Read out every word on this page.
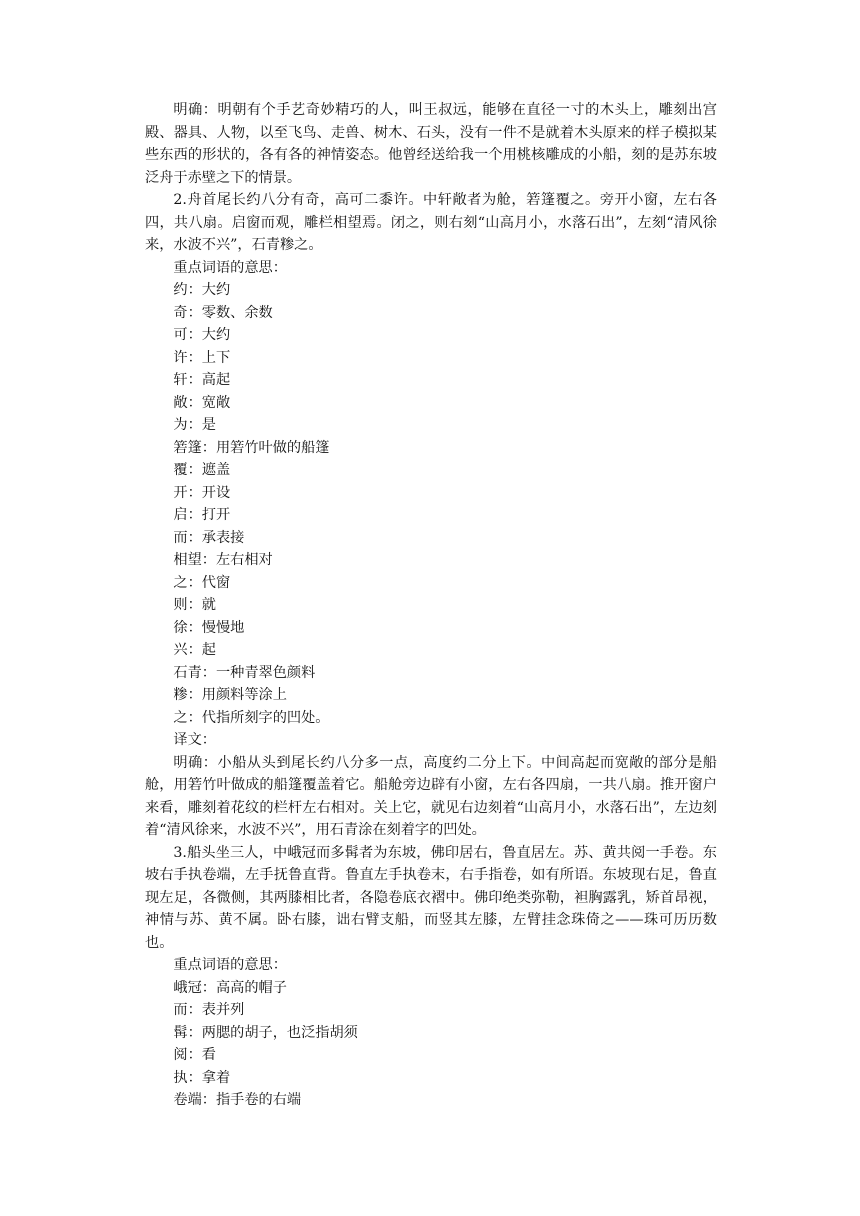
明确：明朝有个手艺奇妙精巧的人，叫王叔远，能够在直径一寸的木头上，雕刻出宫殿、器具、人物，以至飞鸟、走兽、树木、石头，没有一件不是就着木头原来的样子模拟某些东西的形状的，各有各的神情姿态。他曾经送给我一个用桃核雕成的小船，刻的是苏东坡泛舟于赤壁之下的情景。

2.舟首尾长约八分有奇，高可二黍许。中轩敞者为舱，箬篷覆之。旁开小窗，左右各四，共八扇。启窗而观，雕栏相望焉。闭之，则右刻“山高月小，水落石出”，左刻“清风徐来，水波不兴”，石青糁之。

重点词语的意思：

约：大约

奇：零数、余数

可：大约

许：上下

轩：高起

敞：宽敞

为：是

箬篷：用箬竹叶做的船篷

覆：遮盖

开：开设

启：打开

而：承表接

相望：左右相对

之：代窗

则：就

徐：慢慢地

兴：起

石青：一种青翠色颜料

糁：用颜料等涂上

之：代指所刻字的凹处。

译文：

明确：小船从头到尾长约八分多一点，高度约二分上下。中间高起而宽敞的部分是船舱，用箬竹叶做成的船篷覆盖着它。船舱旁边辟有小窗，左右各四扇，一共八扇。推开窗户来看，雕刻着花纹的栏杆左右相对。关上它，就见右边刻着“山高月小，水落石出”，左边刻着“清风徐来，水波不兴”，用石青涂在刻着字的凹处。

3.船头坐三人，中峨冠而多髯者为东坡，佛印居右，鲁直居左。苏、黄共阅一手卷。东坡右手执卷端，左手抚鲁直背。鲁直左手执卷末，右手指卷，如有所语。东坡现右足，鲁直现左足，各微侧，其两膝相比者，各隐卷底衣褶中。佛印绝类弥勒，袒胸露乳，矫首昂视，神情与苏、黄不属。卧右膝，诎右臂支船，而竖其左膝，左臂挂念珠倚之——珠可历历数也。

重点词语的意思：

峨冠：高高的帽子

而：表并列

髯：两腮的胡子，也泛指胡须

阅：看

执：拿着

卷端：指手卷的右端
